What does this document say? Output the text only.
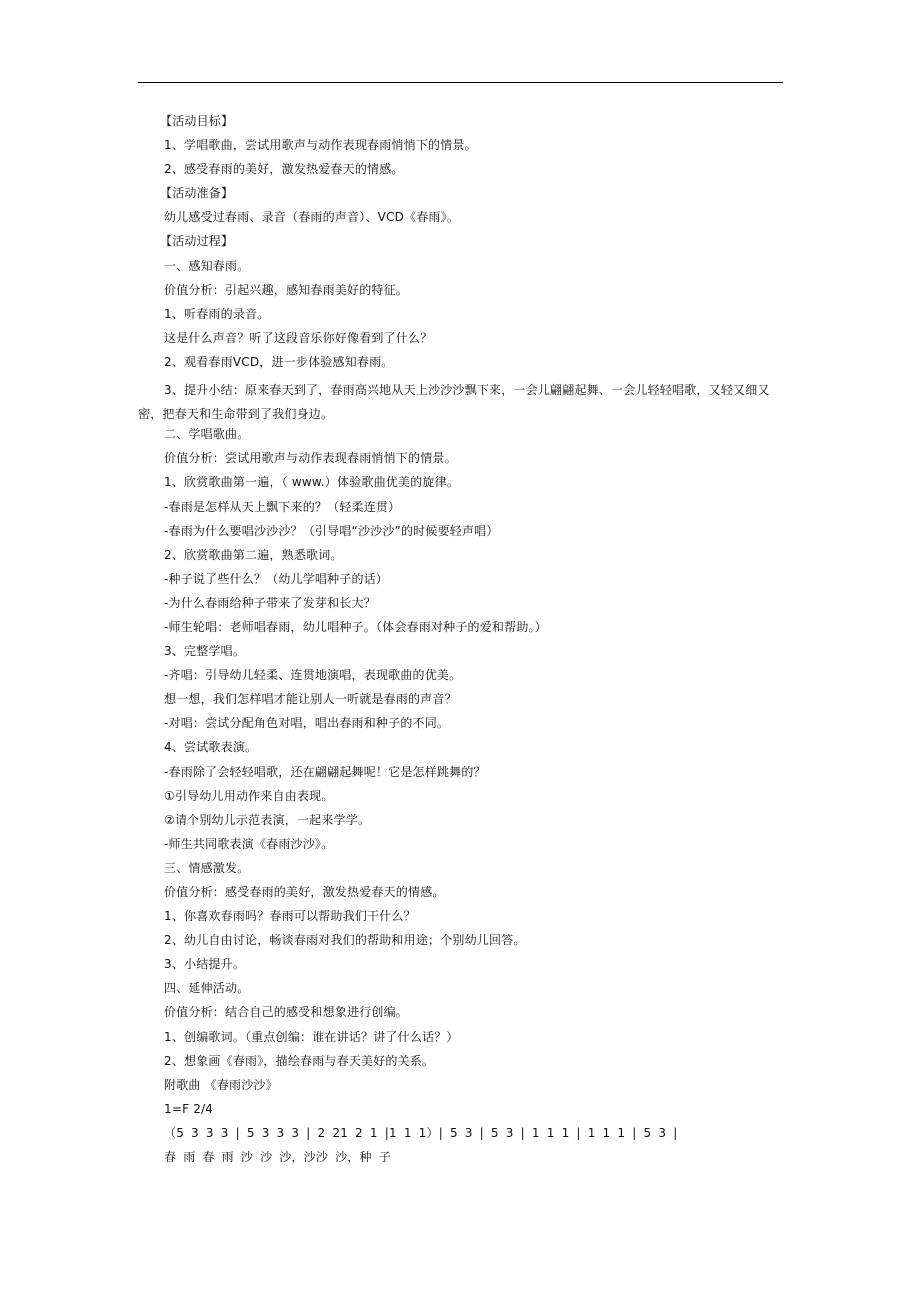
【活动目标】
1、学唱歌曲，尝试用歌声与动作表现春雨悄悄下的情景。
2、感受春雨的美好，激发热爱春天的情感。
【活动准备】
幼儿感受过春雨、录音（春雨的声音）、VCD《春雨》。
【活动过程】
一、感知春雨。
价值分析：引起兴趣，感知春雨美好的特征。
1、听春雨的录音。
这是什么声音？听了这段音乐你好像看到了什么？
2、观看春雨VCD，进一步体验感知春雨。
3、提升小结：原来春天到了，春雨高兴地从天上沙沙沙飘下来，一会儿翩翩起舞、一会儿轻轻唱歌，又轻又细又密，把春天和生命带到了我们身边。
二、学唱歌曲。
价值分析：尝试用歌声与动作表现春雨悄悄下的情景。
1、欣赏歌曲第一遍，（ www.）体验歌曲优美的旋律。
-春雨是怎样从天上飘下来的？（轻柔连贯）
-春雨为什么要唱沙沙沙？（引导唱“沙沙沙”的时候要轻声唱）
2、欣赏歌曲第二遍，熟悉歌词。
-种子说了些什么？（幼儿学唱种子的话）
-为什么春雨给种子带来了发芽和长大？
-师生轮唱：老师唱春雨，幼儿唱种子。（体会春雨对种子的爱和帮助。）
3、完整学唱。
-齐唱：引导幼儿轻柔、连贯地演唱，表现歌曲的优美。
想一想，我们怎样唱才能让别人一听就是春雨的声音？
-对唱：尝试分配角色对唱，唱出春雨和种子的不同。
4、尝试歌表演。
-春雨除了会轻轻唱歌，还在翩翩起舞呢！它是怎样跳舞的？
①引导幼儿用动作来自由表现。
②请个别幼儿示范表演，一起来学学。
-师生共同歌表演《春雨沙沙》。
三、情感激发。
价值分析：感受春雨的美好，激发热爱春天的情感。
1、你喜欢春雨吗？春雨可以帮助我们干什么？
2、幼儿自由讨论，畅谈春雨对我们的帮助和用途；个别幼儿回答。
3、小结提升。
四、延伸活动。
价值分析：结合自己的感受和想象进行创编。
1、创编歌词。（重点创编：谁在讲话？讲了什么话？）
2、想象画《春雨》，描绘春雨与春天美好的关系。
附歌曲 《春雨沙沙》
1=F 2/4
（5 3 3 3 | 5 3 3 3 | 2 21 2 1 |1 1 1）| 5 3 | 5 3 | 1 1 1 | 1 1 1 | 5 3 |
春 雨 春 雨 沙 沙 沙，沙沙 沙，种 子
